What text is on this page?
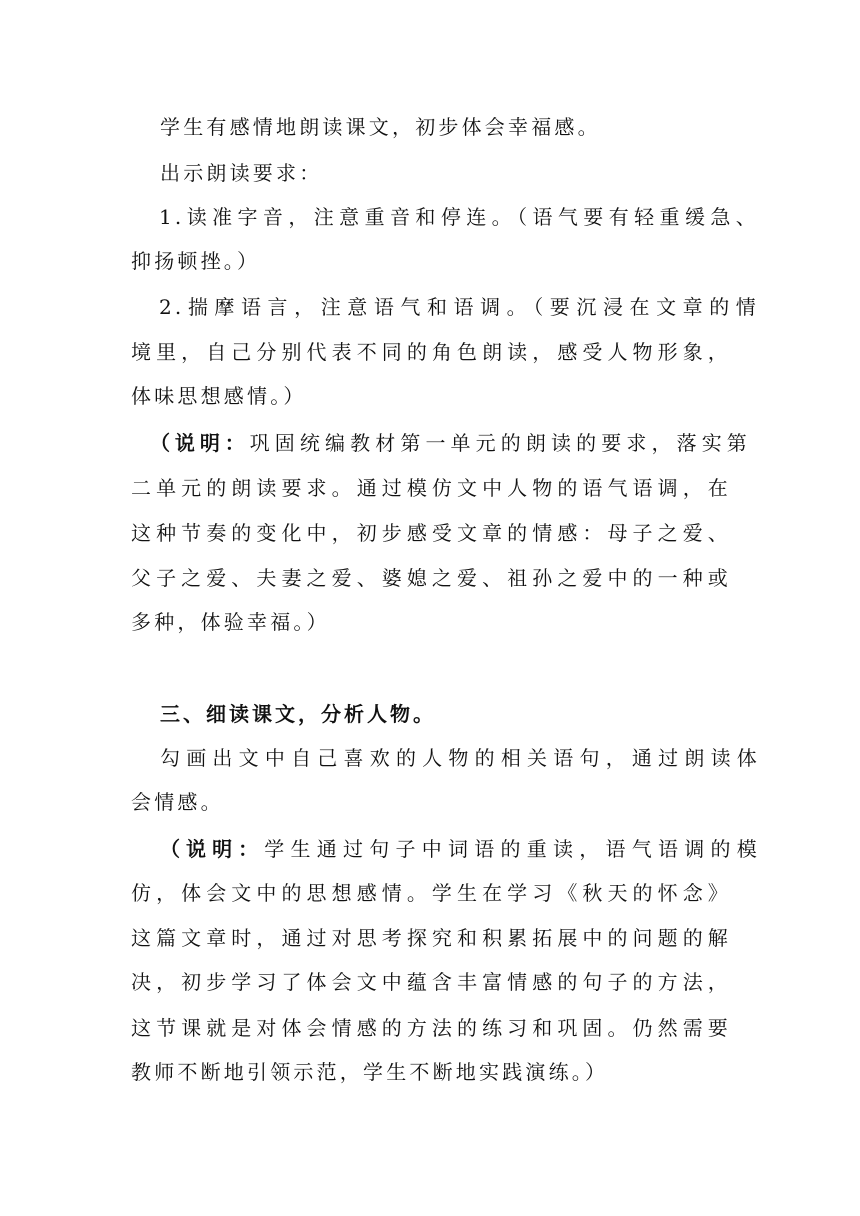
学生有感情地朗读课文，初步体会幸福感。
出示朗读要求：
1.读准字音，注意重音和停连。（语气要有轻重缓急、
抑扬顿挫。）
2.揣摩语言，注意语气和语调。（要沉浸在文章的情
境里，自己分别代表不同的角色朗读，感受人物形象，
体味思想感情。）
（说明：巩固统编教材第一单元的朗读的要求，落实第
二单元的朗读要求。通过模仿文中人物的语气语调，在
这种节奏的变化中，初步感受文章的情感：母子之爱、
父子之爱、夫妻之爱、婆媳之爱、祖孙之爱中的一种或
多种，体验幸福。）
三、细读课文，分析人物。
勾画出文中自己喜欢的人物的相关语句，通过朗读体
会情感。
（说明：学生通过句子中词语的重读，语气语调的模
仿，体会文中的思想感情。学生在学习《秋天的怀念》
这篇文章时，通过对思考探究和积累拓展中的问题的解
决，初步学习了体会文中蕴含丰富情感的句子的方法，
这节课就是对体会情感的方法的练习和巩固。仍然需要
教师不断地引领示范，学生不断地实践演练。）
